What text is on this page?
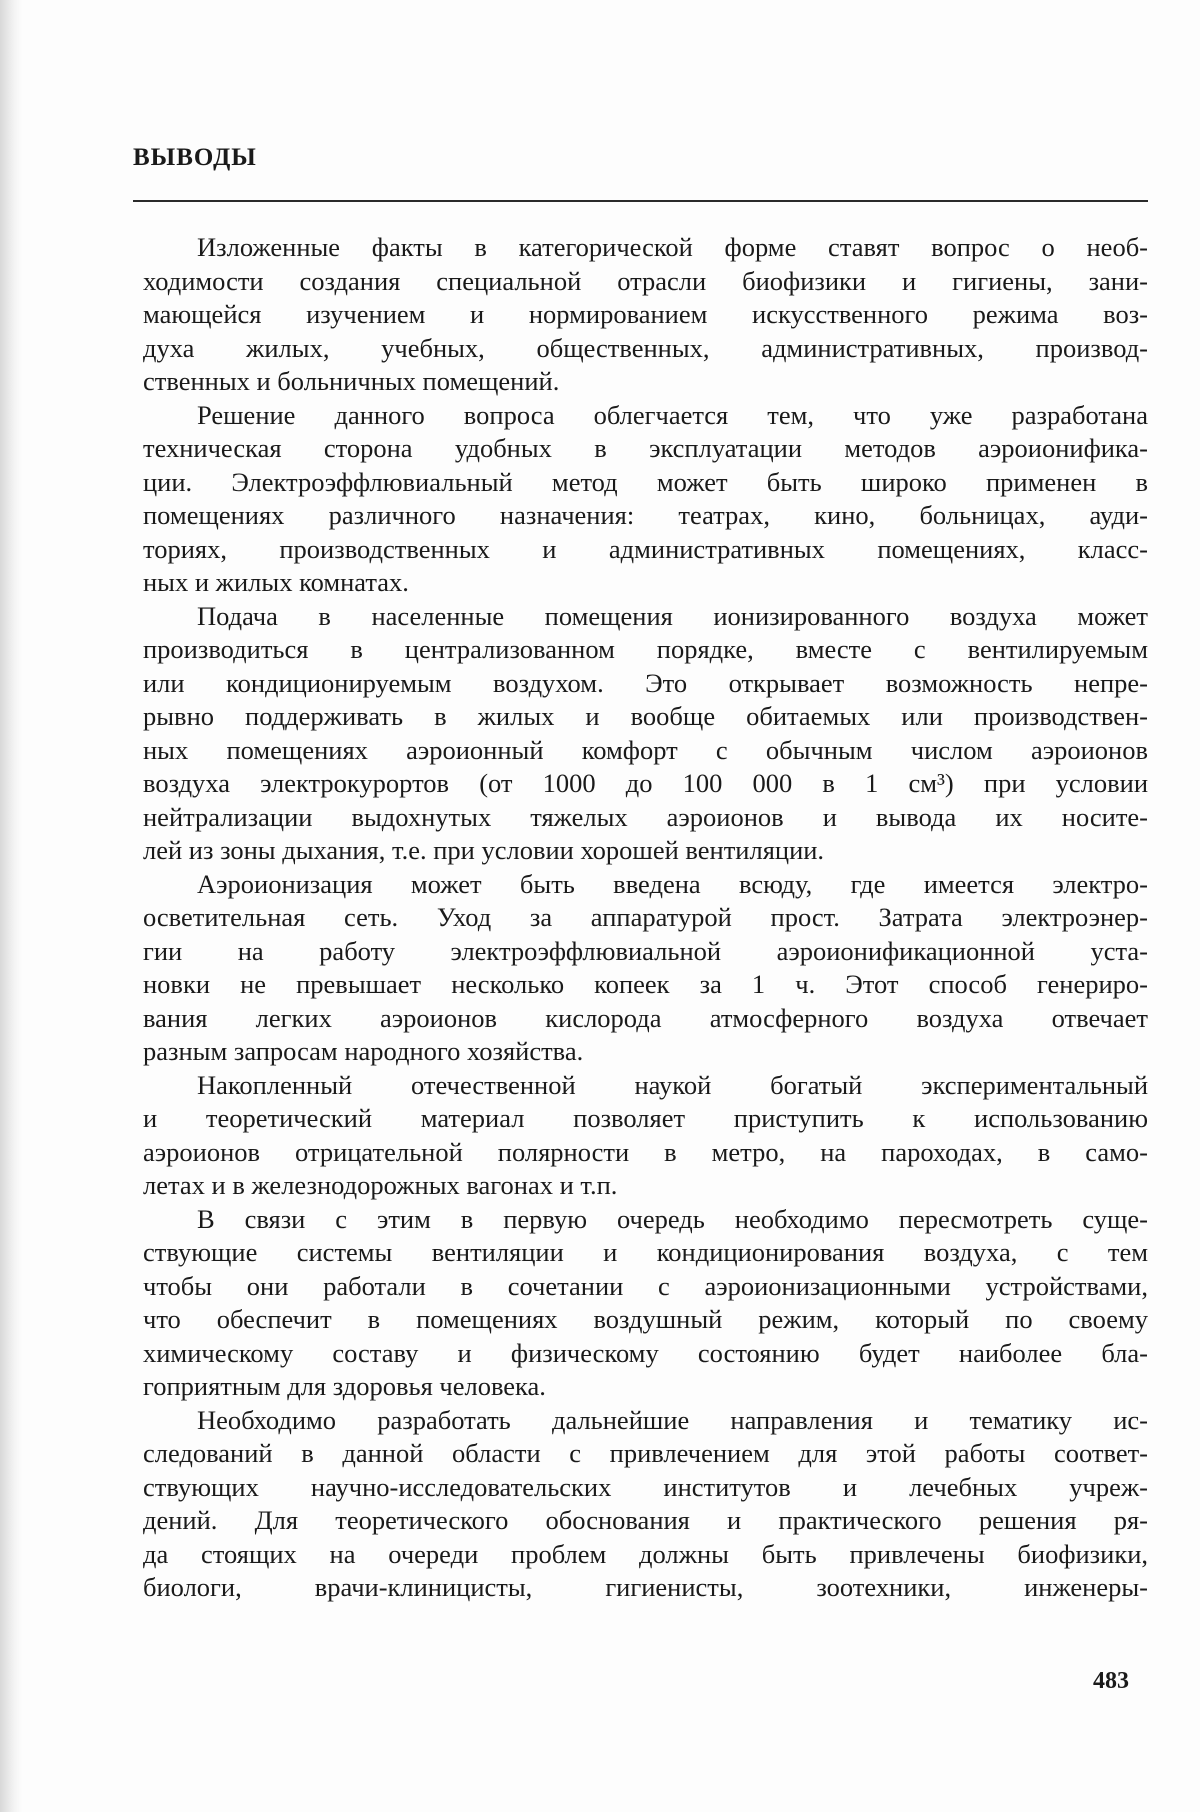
ВЫВОДЫ
Изложенные факты в категорической форме ставят вопрос о необ-
ходимости создания специальной отрасли биофизики и гигиены, зани-
мающейся изучением и нормированием искусственного режима воз-
духа жилых, учебных, общественных, административных, производ-
ственных и больничных помещений.
Решение данного вопроса облегчается тем, что уже разработана
техническая сторона удобных в эксплуатации методов аэроионифика-
ции. Электроэффлювиальный метод может быть широко применен в
помещениях различного назначения: театрах, кино, больницах, ауди-
ториях, производственных и административных помещениях, класс-
ных и жилых комнатах.
Подача в населенные помещения ионизированного воздуха может
производиться в централизованном порядке, вместе с вентилируемым
или кондиционируемым воздухом. Это открывает возможность непре-
рывно поддерживать в жилых и вообще обитаемых или производствен-
ных помещениях аэроионный комфорт с обычным числом аэроионов
воздуха электрокурортов (от 1000 до 100 000 в 1 см³) при условии
нейтрализации выдохнутых тяжелых аэроионов и вывода их носите-
лей из зоны дыхания, т.е. при условии хорошей вентиляции.
Аэроионизация может быть введена всюду, где имеется электро-
осветительная сеть. Уход за аппаратурой прост. Затрата электроэнер-
гии на работу электроэффлювиальной аэроионификационной уста-
новки не превышает несколько копеек за 1 ч. Этот способ генериро-
вания легких аэроионов кислорода атмосферного воздуха отвечает
разным запросам народного хозяйства.
Накопленный отечественной наукой богатый экспериментальный
и теоретический материал позволяет приступить к использованию
аэроионов отрицательной полярности в метро, на пароходах, в само-
летах и в железнодорожных вагонах и т.п.
В связи с этим в первую очередь необходимо пересмотреть суще-
ствующие системы вентиляции и кондиционирования воздуха, с тем
чтобы они работали в сочетании с аэроионизационными устройствами,
что обеспечит в помещениях воздушный режим, который по своему
химическому составу и физическому состоянию будет наиболее бла-
гоприятным для здоровья человека.
Необходимо разработать дальнейшие направления и тематику ис-
следований в данной области с привлечением для этой работы соответ-
ствующих научно-исследовательских институтов и лечебных учреж-
дений. Для теоретического обоснования и практического решения ря-
да стоящих на очереди проблем должны быть привлечены биофизики,
биологи, врачи-клиницисты, гигиенисты, зоотехники, инженеры-
483
